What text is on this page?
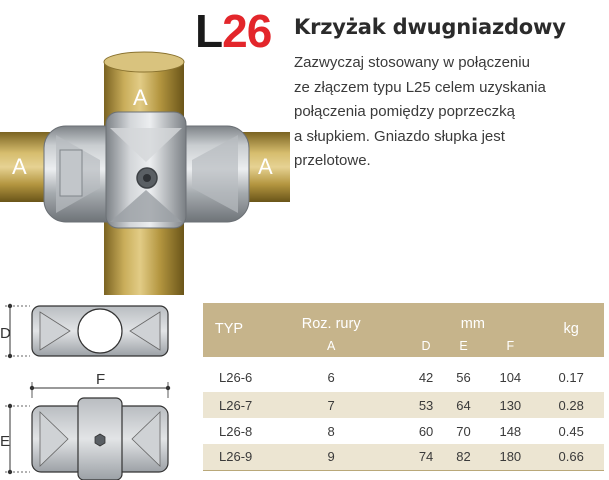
A
A	A
L26 Krzyżak dwugniazdowy
Zazwyczaj stosowany w połączeniu
ze złączem typu L25 celem uzyskania
połączenia pomiędzy poprzeczką
a słupkiem. Gniazdo słupka jest
przelotowe.
D
F
E
TYP	Roz. rury	mm			kg
	A	D	E	F	
L26-6	6	42	56	104	0.17
L26-7	7	53	64	130	0.28
L26-8	8	60	70	148	0.45
L26-9	9	74	82	180	0.66
